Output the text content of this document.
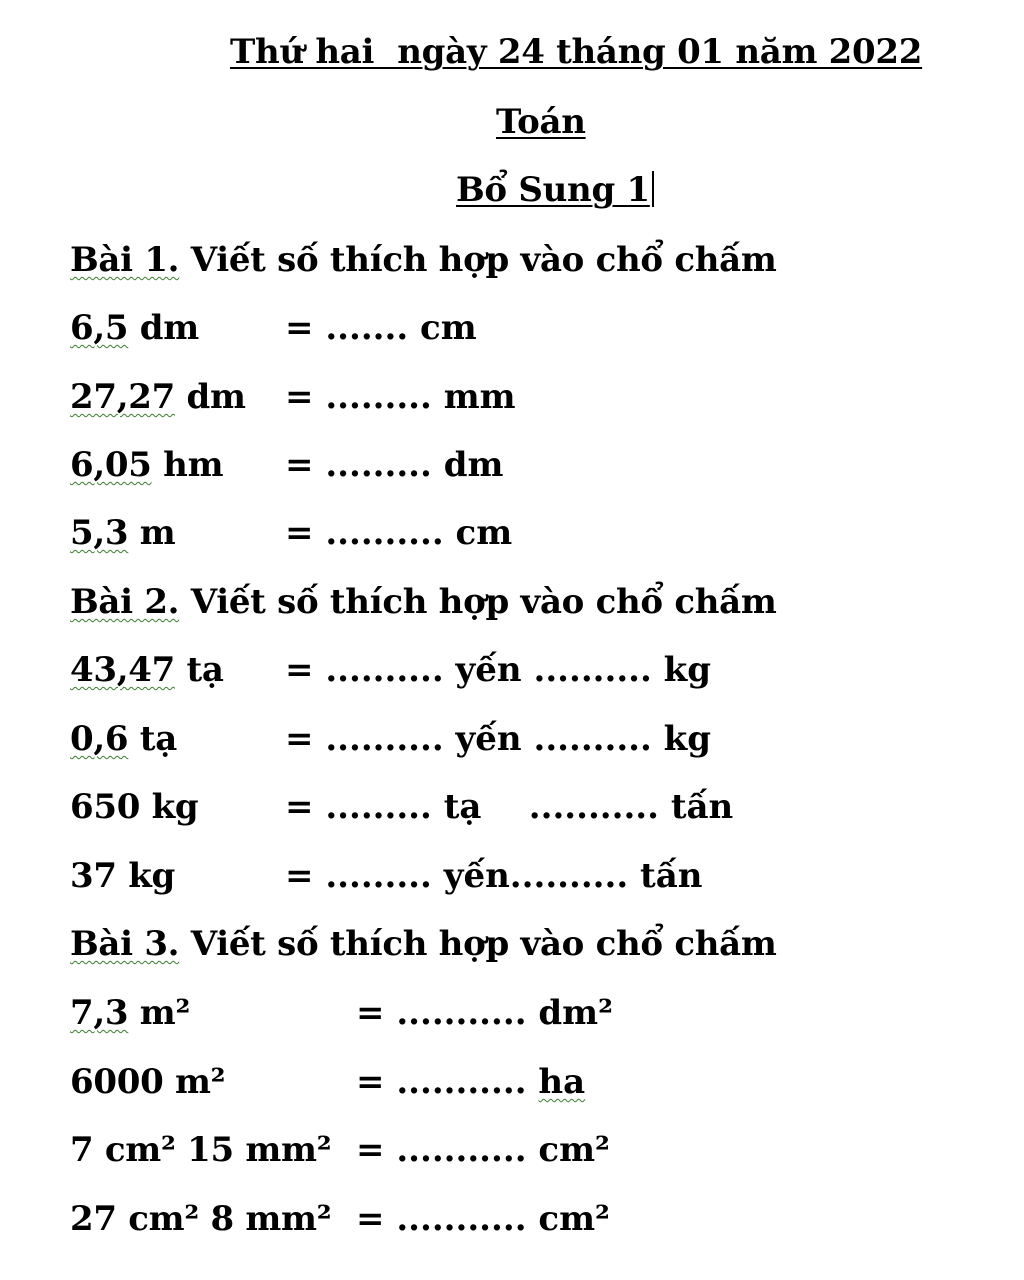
Thứ hai  ngày 24 tháng 01 năm 2022
Toán
Bổ Sung 1
Bài 1. Viết số thích hợp vào chổ chấm
6,5 dm	= ....... cm
27,27 dm = ......... mm
6,05 hm = ......... dm
5,3 m	= .......... cm
Bài 2. Viết số thích hợp vào chổ chấm
43,47 tạ = .......... yến .......... kg
0,6 tạ	= .......... yến .......... kg
650 kg	= ......... tạ    ........... tấn
37 kg	= ......... yến.......... tấn
Bài 3. Viết số thích hợp vào chổ chấm
7,3 m²	= ........... dm²
6000 m²	= ........... ha
7 cm² 15 mm² = ........... cm²
27 cm² 8 mm² = ........... cm²
